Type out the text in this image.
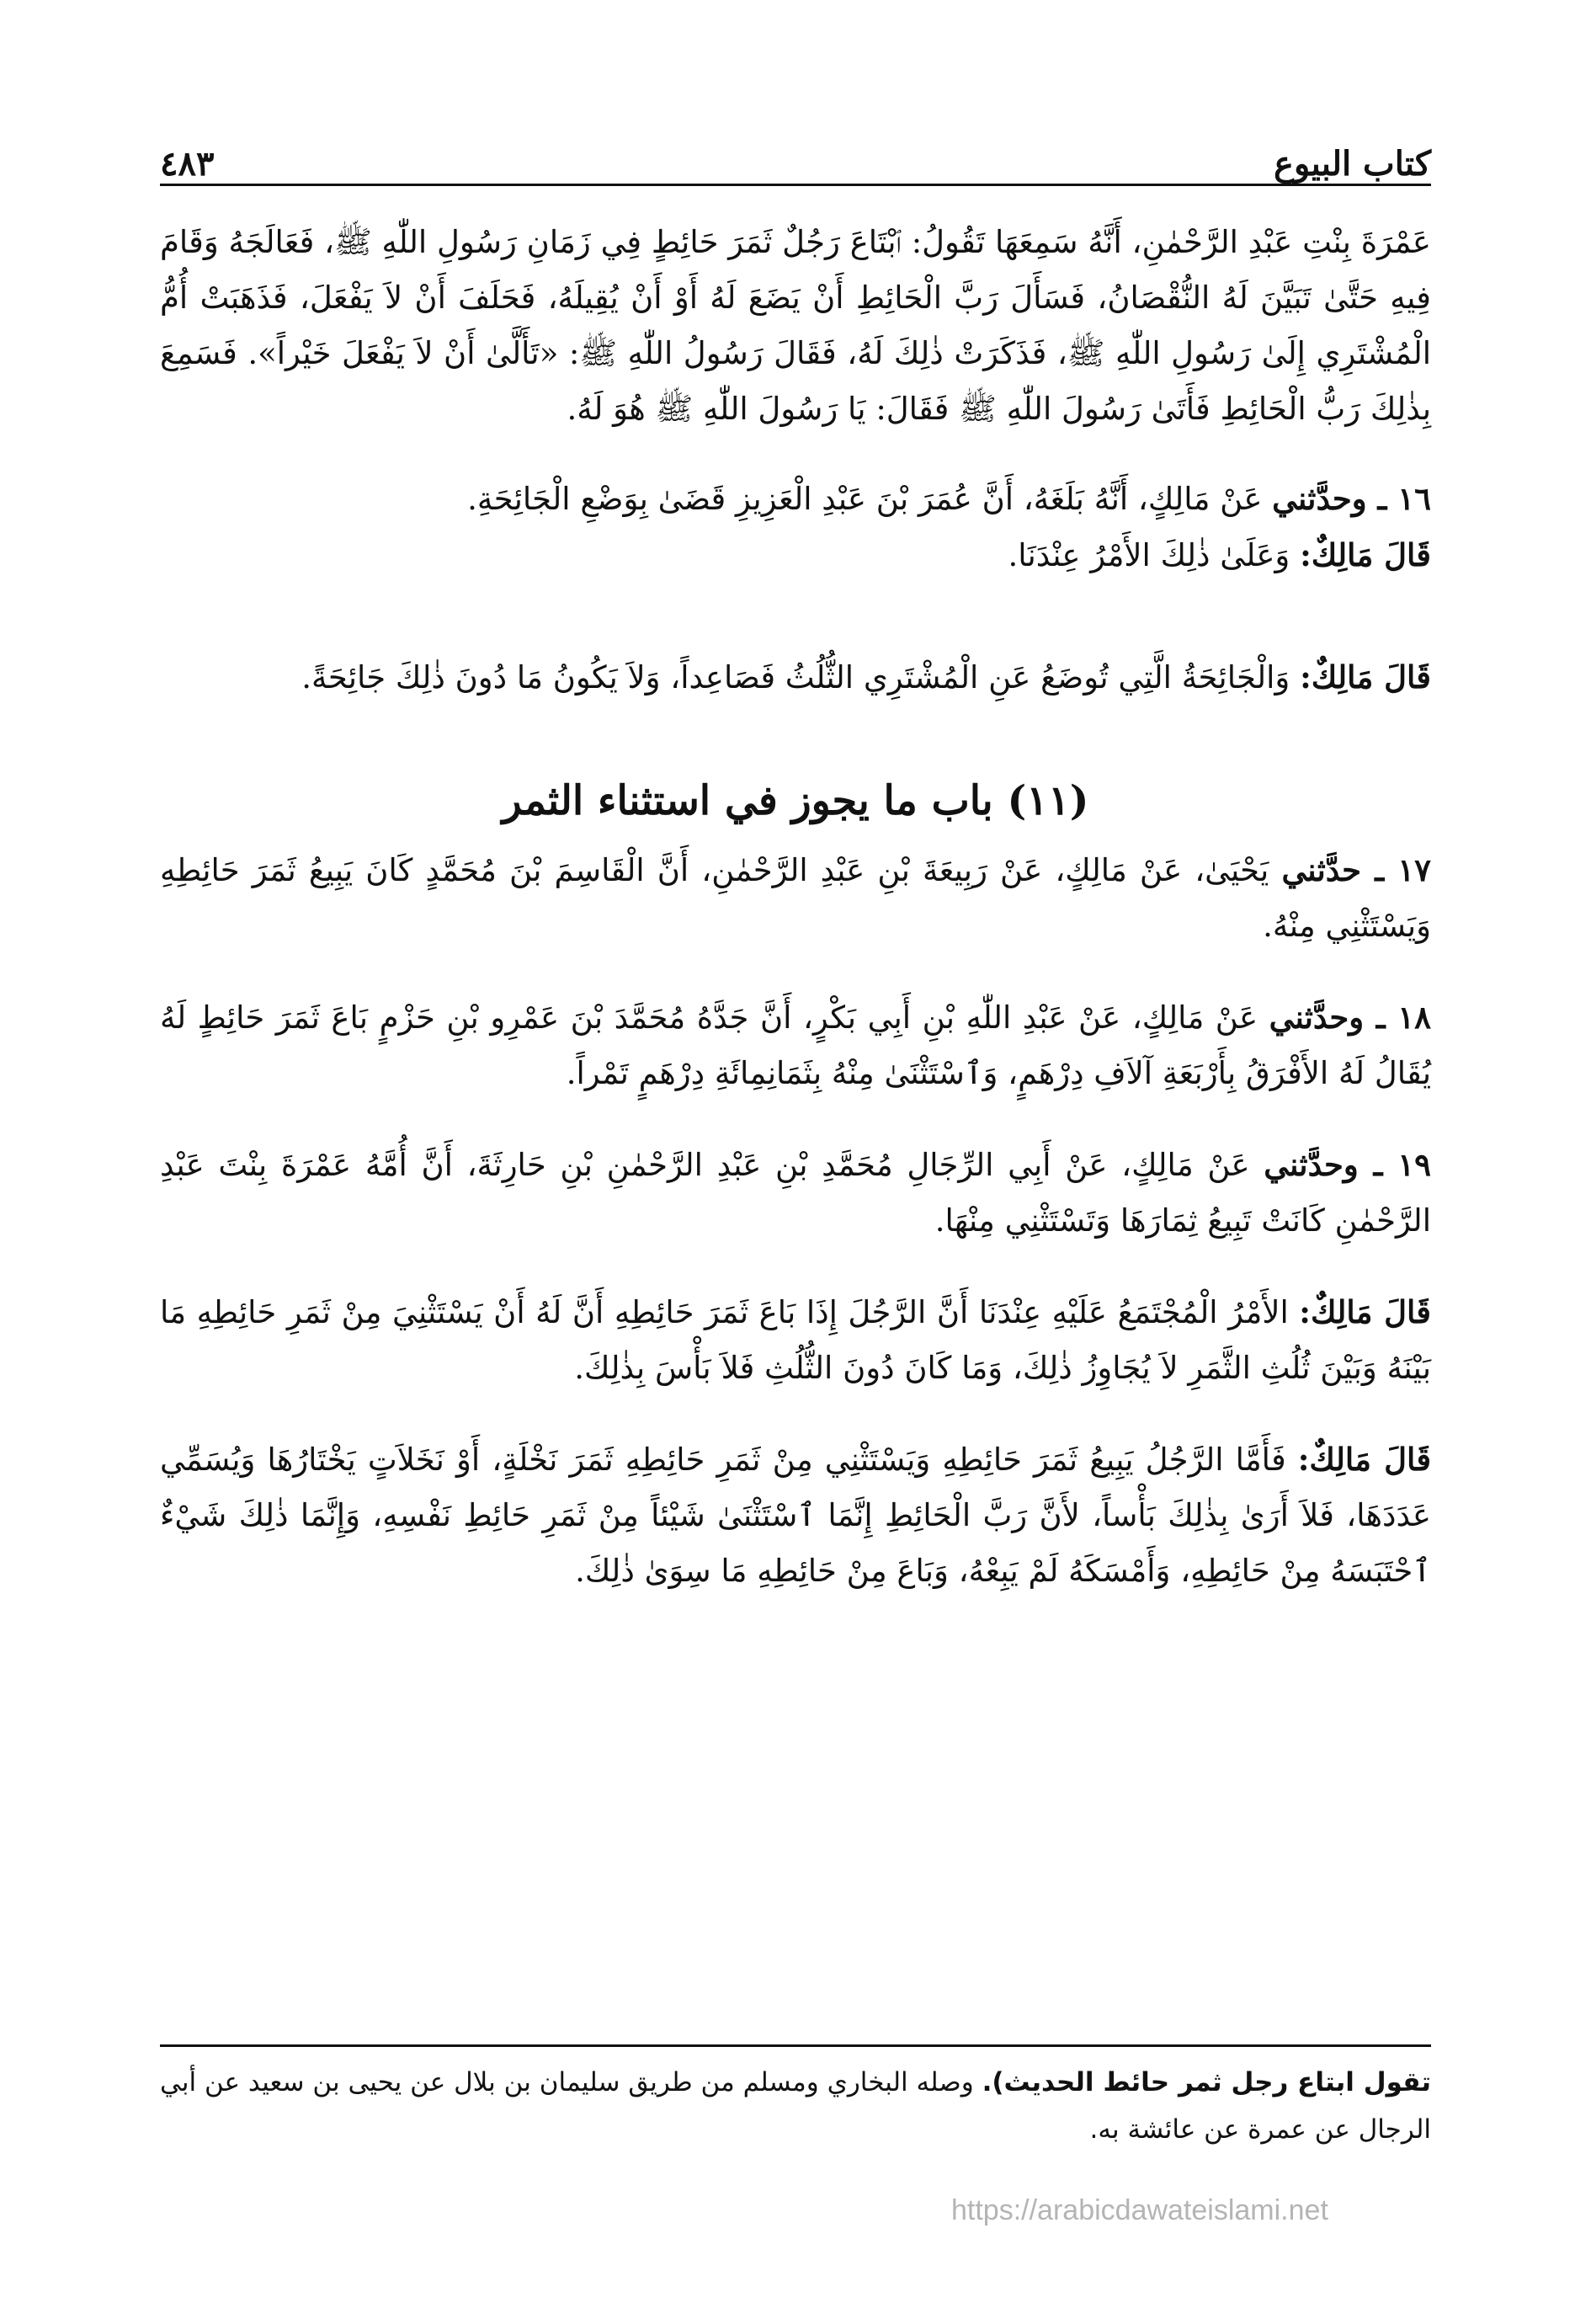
٤٨٣	كتاب البيوع

عَمْرَةَ بِنْتِ عَبْدِ الرَّحْمٰنِ، أَنَّهُ سَمِعَهَا تَقُولُ: ٱبْتَاعَ رَجُلٌ ثَمَرَ حَائِطٍ فِي زَمَانِ رَسُولِ اللّٰهِ ﷺ، فَعَالَجَهُ وَقَامَ فِيهِ حَتَّىٰ تَبَيَّنَ لَهُ النُّقْصَانُ، فَسَأَلَ رَبَّ الْحَائِطِ أَنْ يَضَعَ لَهُ أَوْ أَنْ يُقِيلَهُ، فَحَلَفَ أَنْ لاَ يَفْعَلَ، فَذَهَبَتْ أُمُّ الْمُشْتَرِي إِلَىٰ رَسُولِ اللّٰهِ ﷺ، فَذَكَرَتْ ذٰلِكَ لَهُ، فَقَالَ رَسُولُ اللّٰهِ ﷺ: «تَأَلَّىٰ أَنْ لاَ يَفْعَلَ خَيْراً». فَسَمِعَ بِذٰلِكَ رَبُّ الْحَائِطِ فَأَتَىٰ رَسُولَ اللّٰهِ ﷺ فَقَالَ: يَا رَسُولَ اللّٰهِ ﷺ هُوَ لَهُ.

١٦ ـ وحدَّثني عَنْ مَالِكٍ، أَنَّهُ بَلَغَهُ، أَنَّ عُمَرَ بْنَ عَبْدِ الْعَزِيزِ قَضَىٰ بِوَضْعِ الْجَائِحَةِ.

قَالَ مَالِكٌ: وَعَلَىٰ ذٰلِكَ الأَمْرُ عِنْدَنَا.

قَالَ مَالِكٌ: وَالْجَائِحَةُ الَّتِي تُوضَعُ عَنِ الْمُشْتَرِي الثُّلُثُ فَصَاعِداً، وَلاَ يَكُونُ مَا دُونَ ذٰلِكَ جَائِحَةً.

(١١) باب ما يجوز في استثناء الثمر

١٧ ـ حدَّثني يَحْيَىٰ، عَنْ مَالِكٍ، عَنْ رَبِيعَةَ بْنِ عَبْدِ الرَّحْمٰنِ، أَنَّ الْقَاسِمَ بْنَ مُحَمَّدٍ كَانَ يَبِيعُ ثَمَرَ حَائِطِهِ وَيَسْتَثْنِي مِنْهُ.

١٨ ـ وحدَّثني عَنْ مَالِكٍ، عَنْ عَبْدِ اللّٰهِ بْنِ أَبِي بَكْرٍ، أَنَّ جَدَّهُ مُحَمَّدَ بْنَ عَمْرِو بْنِ حَزْمٍ بَاعَ ثَمَرَ حَائِطٍ لَهُ يُقَالُ لَهُ الأَفْرَقُ بِأَرْبَعَةِ آلاَفِ دِرْهَمٍ، وَٱسْتَثْنَىٰ مِنْهُ بِثَمَانِمِائَةِ دِرْهَمٍ تَمْراً.

١٩ ـ وحدَّثني عَنْ مَالِكٍ، عَنْ أَبِي الرِّجَالِ مُحَمَّدِ بْنِ عَبْدِ الرَّحْمٰنِ بْنِ حَارِثَةَ، أَنَّ أُمَّهُ عَمْرَةَ بِنْتَ عَبْدِ الرَّحْمٰنِ كَانَتْ تَبِيعُ ثِمَارَهَا وَتَسْتَثْنِي مِنْهَا.

قَالَ مَالِكٌ: الأَمْرُ الْمُجْتَمَعُ عَلَيْهِ عِنْدَنَا أَنَّ الرَّجُلَ إِذَا بَاعَ ثَمَرَ حَائِطِهِ أَنَّ لَهُ أَنْ يَسْتَثْنِيَ مِنْ ثَمَرِ حَائِطِهِ مَا بَيْنَهُ وَبَيْنَ ثُلُثِ الثَّمَرِ لاَ يُجَاوِزُ ذٰلِكَ، وَمَا كَانَ دُونَ الثُّلُثِ فَلاَ بَأْسَ بِذٰلِكَ.

قَالَ مَالِكٌ: فَأَمَّا الرَّجُلُ يَبِيعُ ثَمَرَ حَائِطِهِ وَيَسْتَثْنِي مِنْ ثَمَرِ حَائِطِهِ ثَمَرَ نَخْلَةٍ، أَوْ نَخَلاَتٍ يَخْتَارُهَا وَيُسَمِّي عَدَدَهَا، فَلاَ أَرَىٰ بِذٰلِكَ بَأْساً، لأَنَّ رَبَّ الْحَائِطِ إِنَّمَا ٱسْتَثْنَىٰ شَيْئاً مِنْ ثَمَرِ حَائِطِ نَفْسِهِ، وَإِنَّمَا ذٰلِكَ شَيْءٌ ٱحْتَبَسَهُ مِنْ حَائِطِهِ، وَأَمْسَكَهُ لَمْ يَبِعْهُ، وَبَاعَ مِنْ حَائِطِهِ مَا سِوَىٰ ذٰلِكَ.

تقول ابتاع رجل ثمر حائط الحديث). وصله البخاري ومسلم من طريق سليمان بن بلال عن يحيى بن سعيد عن أبي الرجال عن عمرة عن عائشة به.
https://arabicdawateislami.net
